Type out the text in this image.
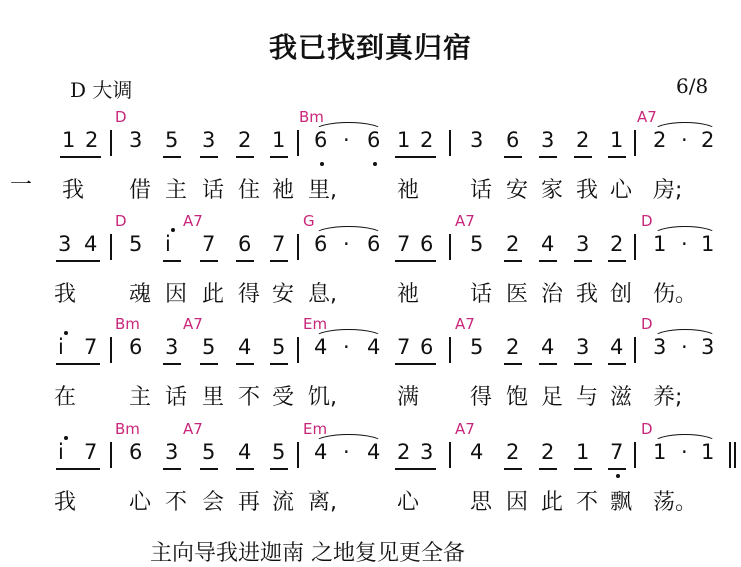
我已找到真归宿
D 大调	6/8
一
D	Bm	A7
1 2 3 5 3 2 1 6 · 6 1 2 3 6 3 2 1 2 · 2
我 借 主 话 住 祂 里,	祂 话 安 家 我 心 房;
D	A7	G	A7	D
3 4 5 i 7 6 7 6 · 6 7 6 5 2 4 3 2 1 · 1
我 魂 因 此 得 安 息,	祂 话 医 治 我 创 伤。
Bm	A7	Em	A7	D
i 7 6 3 5 4 5 4 · 4 7 6 5 2 4 3 4 3 · 3
在 主 话 里 不 受 饥,	满 得 饱 足 与 滋 养;
Bm	A7	Em	A7	D
i 7 6 3 5 4 5 4 · 4 2 3 4 2 2 1 7 1 · 1
我 心 不 会 再 流 离,	心 思 因 此 不 飘 荡。
主向导我进迦南 之地复见更全备
